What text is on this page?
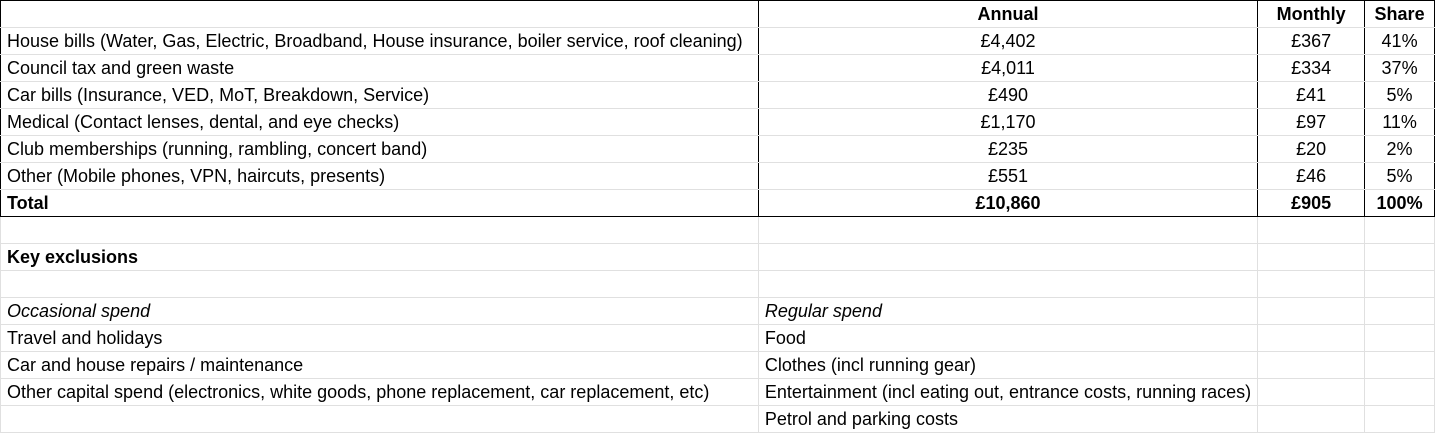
	Annual	Monthly	Share
House bills (Water, Gas, Electric, Broadband, House insurance, boiler service, roof cleaning)	£4,402	£367	41%
Council tax and green waste	£4,011	£334	37%
Car bills (Insurance, VED, MoT, Breakdown, Service)	£490	£41	5%
Medical (Contact lenses, dental, and eye checks)	£1,170	£97	11%
Club memberships (running, rambling, concert band)	£235	£20	2%
Other (Mobile phones, VPN, haircuts, presents)	£551	£46	5%
Total	£10,860	£905	100%

Key exclusions			

Occasional spend	Regular spend		
Travel and holidays	Food		
Car and house repairs / maintenance	Clothes (incl running gear)		
Other capital spend (electronics, white goods, phone replacement, car replacement, etc)	Entertainment (incl eating out, entrance costs, running races)		
	Petrol and parking costs		
